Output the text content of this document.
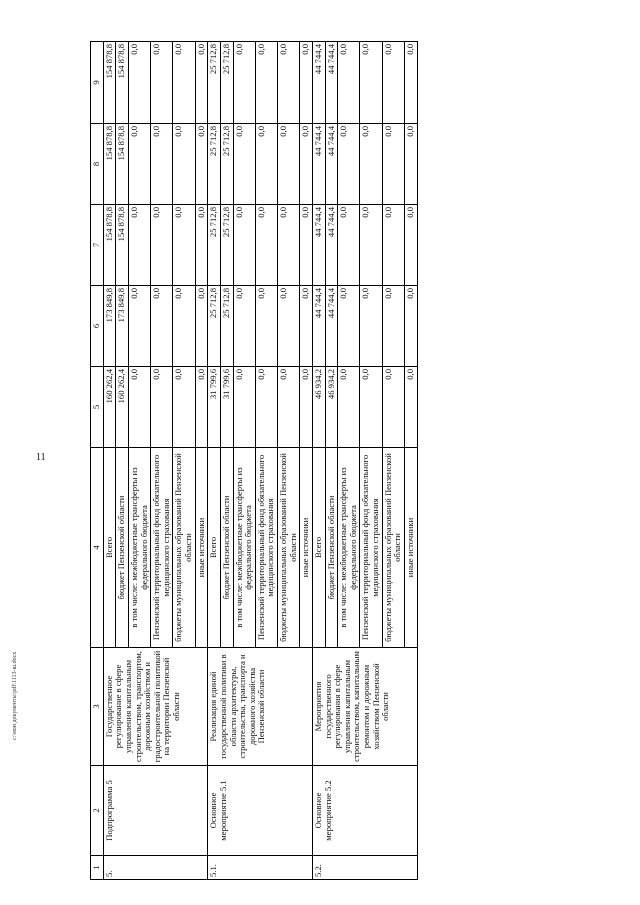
11
1	2	3	4	5	6	7	8	9
5.	Подпрограмма 5	Государственное регулирование в сфере управления капитальным строительством, транспортом, дорожным хозяйством и градостроительной политикой на территории Пензенской области	Всего	160 262,4	173 849,8	154 878,8	154 878,8	154 878,8
			бюджет Пензенской области	160 262,4	173 849,8	154 878,8	154 878,8	154 878,8
			в том числе: межбюджетные трансферты из федерального бюджета	0,0	0,0	0,0	0,0	0,0
			Пензенский территориальный фонд обязательного медицинского страхования	0,0	0,0	0,0	0,0	0,0
			бюджеты муниципальных образований Пензенской области	0,0	0,0	0,0	0,0	0,0
			иные источники	0,0	0,0	0,0	0,0	0,0
5.1.	Основное мероприятие 5.1	Реализация единой государственной политики в области архитектуры, строительства, транспорта и дорожного хозяйства Пензенской области	Всего	31 799,6	25 712,8	25 712,8	25 712,8	25 712,8
			бюджет Пензенской области	31 799,6	25 712,8	25 712,8	25 712,8	25 712,8
			в том числе: межбюджетные трансферты из федерального бюджета	0,0	0,0	0,0	0,0	0,0
			Пензенский территориальный фонд обязательного медицинского страхования	0,0	0,0	0,0	0,0	0,0
			бюджеты муниципальных образований Пензенской области	0,0	0,0	0,0	0,0	0,0
			иные источники	0,0	0,0	0,0	0,0	0,0
5.2.	Основное мероприятие 5.2	Мероприятия государственного регулирования в сфере управления капитальным строительством, капитальным ремонтом и дорожным хозяйством Пензенской области	Всего	46 934,2	44 744,4	44 744,4	44 744,4	44 744,4
			бюджет Пензенской области	46 934,2	44 744,4	44 744,4	44 744,4	44 744,4
			в том числе: межбюджетные трансферты из федерального бюджета	0,0	0,0	0,0	0,0	0,0
			Пензенский территориальный фонд обязательного медицинского страхования	0,0	0,0	0,0	0,0	0,0
			бюджеты муниципальных образований Пензенской области	0,0	0,0	0,0	0,0	0,0
			иные источники	0,0	0,0	0,0	0,0	0,0
c:\мои документы\pdf\1113-ш.docx
